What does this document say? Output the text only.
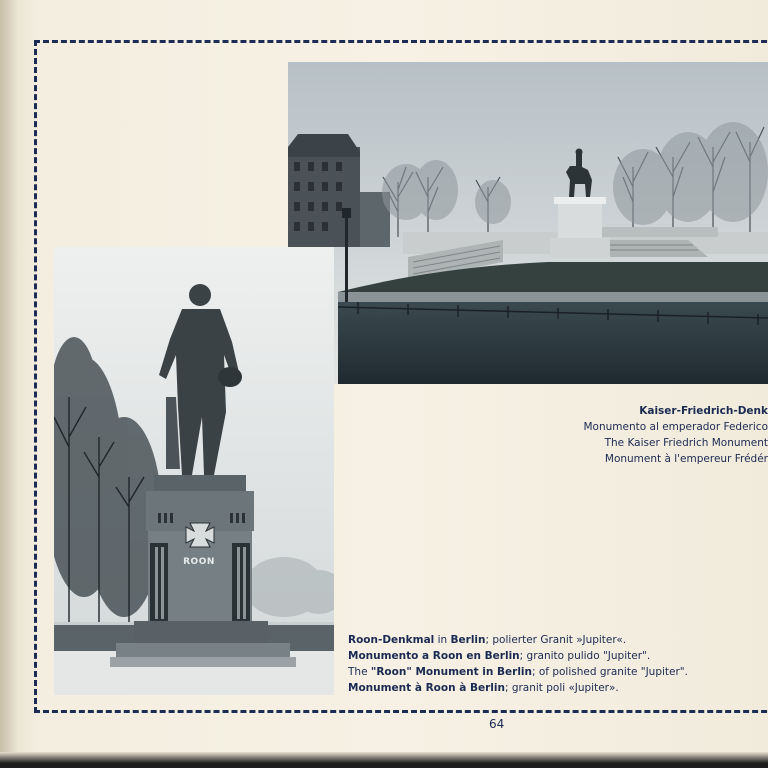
ROON
Kaiser-Friedrich-Denk
Monumento al emperador Federico
The Kaiser Friedrich Monument
Monument à l'empereur Frédér
Roon-Denkmal in Berlin; polierter Granit »Jupiter«.
Monumento a Roon en Berlin; granito pulido "Jupiter".
The "Roon" Monument in Berlin; of polished granite "Jupiter".
Monument à Roon à Berlin; granit poli «Jupiter».
64
